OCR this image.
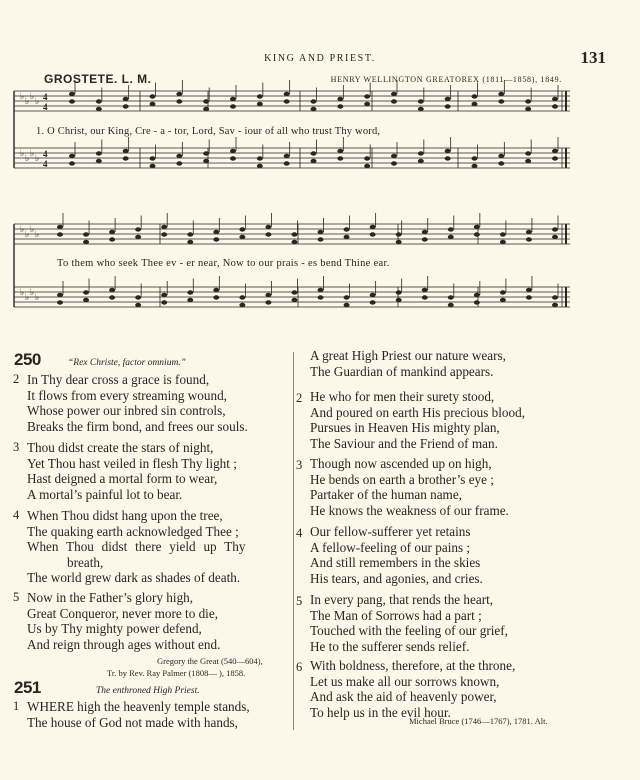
KING AND PRIEST.	131
GROSTETE. L. M.	HENRY WELLINGTON GREATOREX (1811—1858), 1849.
♭ ♭ ♭ ♭ 4
4
♭ ♭ ♭ ♭ 4
4
♭ ♭ ♭ ♭
♭ ♭ ♭ ♭
1. O Christ, our King, Cre - a - tor, Lord, Sav - iour of all who trust Thy word,
To them who seek Thee ev - er near, Now to our prais - es bend Thine ear.
250	“Rex Christe, factor omnium.”
2 In Thy dear cross a grace is found,
It flows from every streaming wound,
Whose power our inbred sin controls,
Breaks the firm bond, and frees our souls.
3 Thou didst create the stars of night,
Yet Thou hast veiled in flesh Thy light ;
Hast deigned a mortal form to wear,
A mortal’s painful lot to bear.
4 When Thou didst hang upon the tree,
The quaking earth acknowledged Thee ;
When Thou didst there yield up Thy
breath,
The world grew dark as shades of death.
5 Now in the Father’s glory high,
Great Conqueror, never more to die,
Us by Thy mighty power defend,
And reign through ages without end.
Gregory the Great (540—604),
Tr. by Rev. Ray Palmer (1808— ), 1858.
251	The enthroned High Priest.
1 WHERE high the heavenly temple stands,
The house of God not made with hands,
A great High Priest our nature wears,
The Guardian of mankind appears.
2 He who for men their surety stood,
And poured on earth His precious blood,
Pursues in Heaven His mighty plan,
The Saviour and the Friend of man.
3 Though now ascended up on high,
He bends on earth a brother’s eye ;
Partaker of the human name,
He knows the weakness of our frame.
4 Our fellow-sufferer yet retains
A fellow-feeling of our pains ;
And still remembers in the skies
His tears, and agonies, and cries.
5 In every pang, that rends the heart,
The Man of Sorrows had a part ;
Touched with the feeling of our grief,
He to the sufferer sends relief.
6 With boldness, therefore, at the throne,
Let us make all our sorrows known,
And ask the aid of heavenly power,
To help us in the evil hour.
Michael Bruce (1746—1767), 1781. Alt.
